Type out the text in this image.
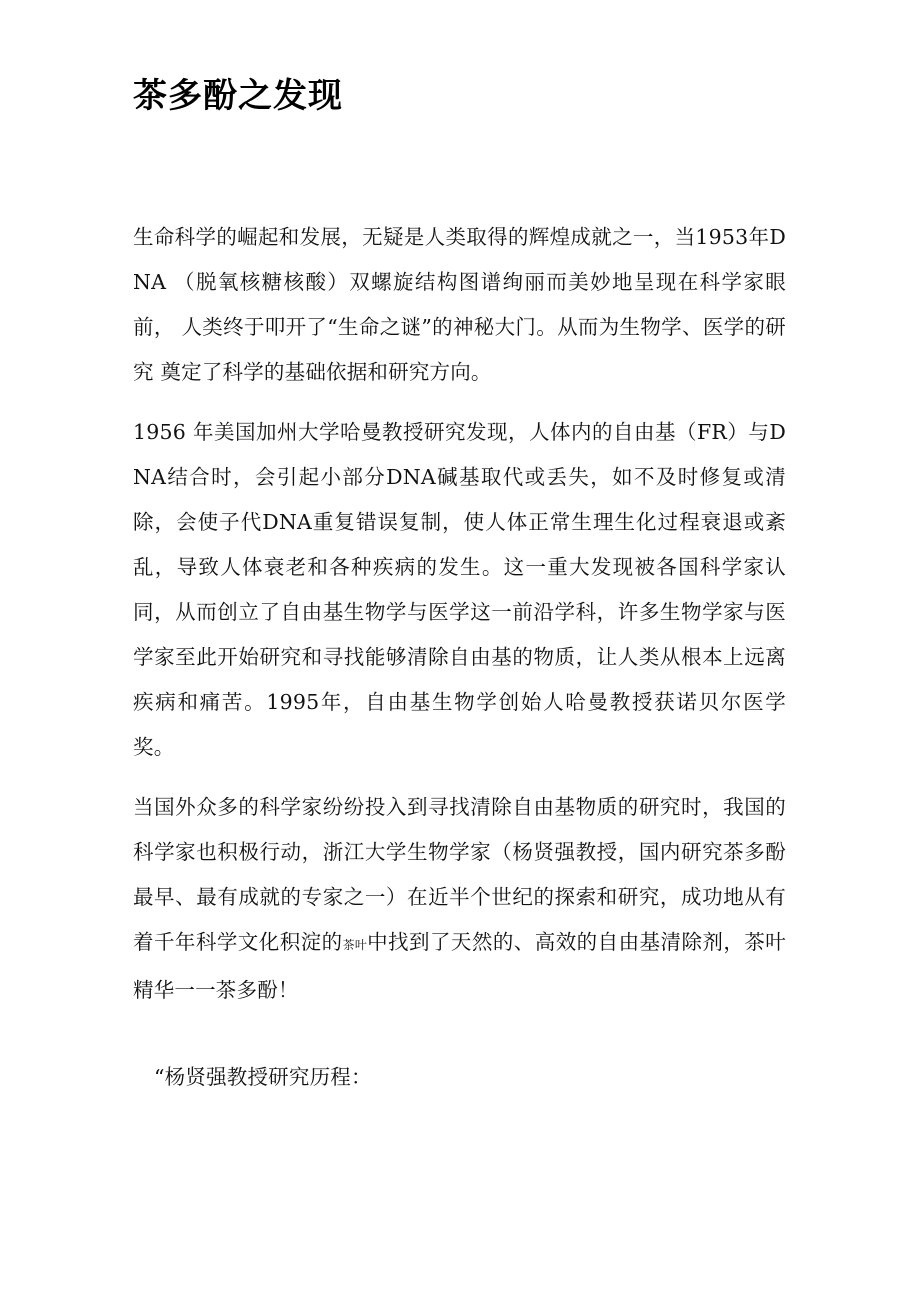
茶多酚之发现

生命科学的崛起和发展，无疑是人类取得的辉煌成就之一，当1953年DNA （脱氧核糖核酸）双螺旋结构图谱绚丽而美妙地呈现在科学家眼前， 人类终于叩开了“生命之谜”的神秘大门。从而为生物学、医学的研究 奠定了科学的基础依据和研究方向。

1956 年美国加州大学哈曼教授研究发现，人体内的自由基（FR）与DNA结合时，会引起小部分DNA碱基取代或丢失，如不及时修复或清除，会使子代DNA重复错误复制，使人体正常生理生化过程衰退或紊乱，导致人体衰老和各种疾病的发生。这一重大发现被各国科学家认同，从而创立了自由基生物学与医学这一前沿学科，许多生物学家与医学家至此开始研究和寻找能够清除自由基的物质，让人类从根本上远离疾病和痛苦。1995年，自由基生物学创始人哈曼教授获诺贝尔医学奖。

当国外众多的科学家纷纷投入到寻找清除自由基物质的研究时，我国的科学家也积极行动，浙江大学生物学家（杨贤强教授，国内研究茶多酚最早、最有成就的专家之一）在近半个世纪的探索和研究，成功地从有着千年科学文化积淀的茶叶中找到了天然的、高效的自由基清除剂，茶叶精华一一茶多酚！

“杨贤强教授研究历程：
